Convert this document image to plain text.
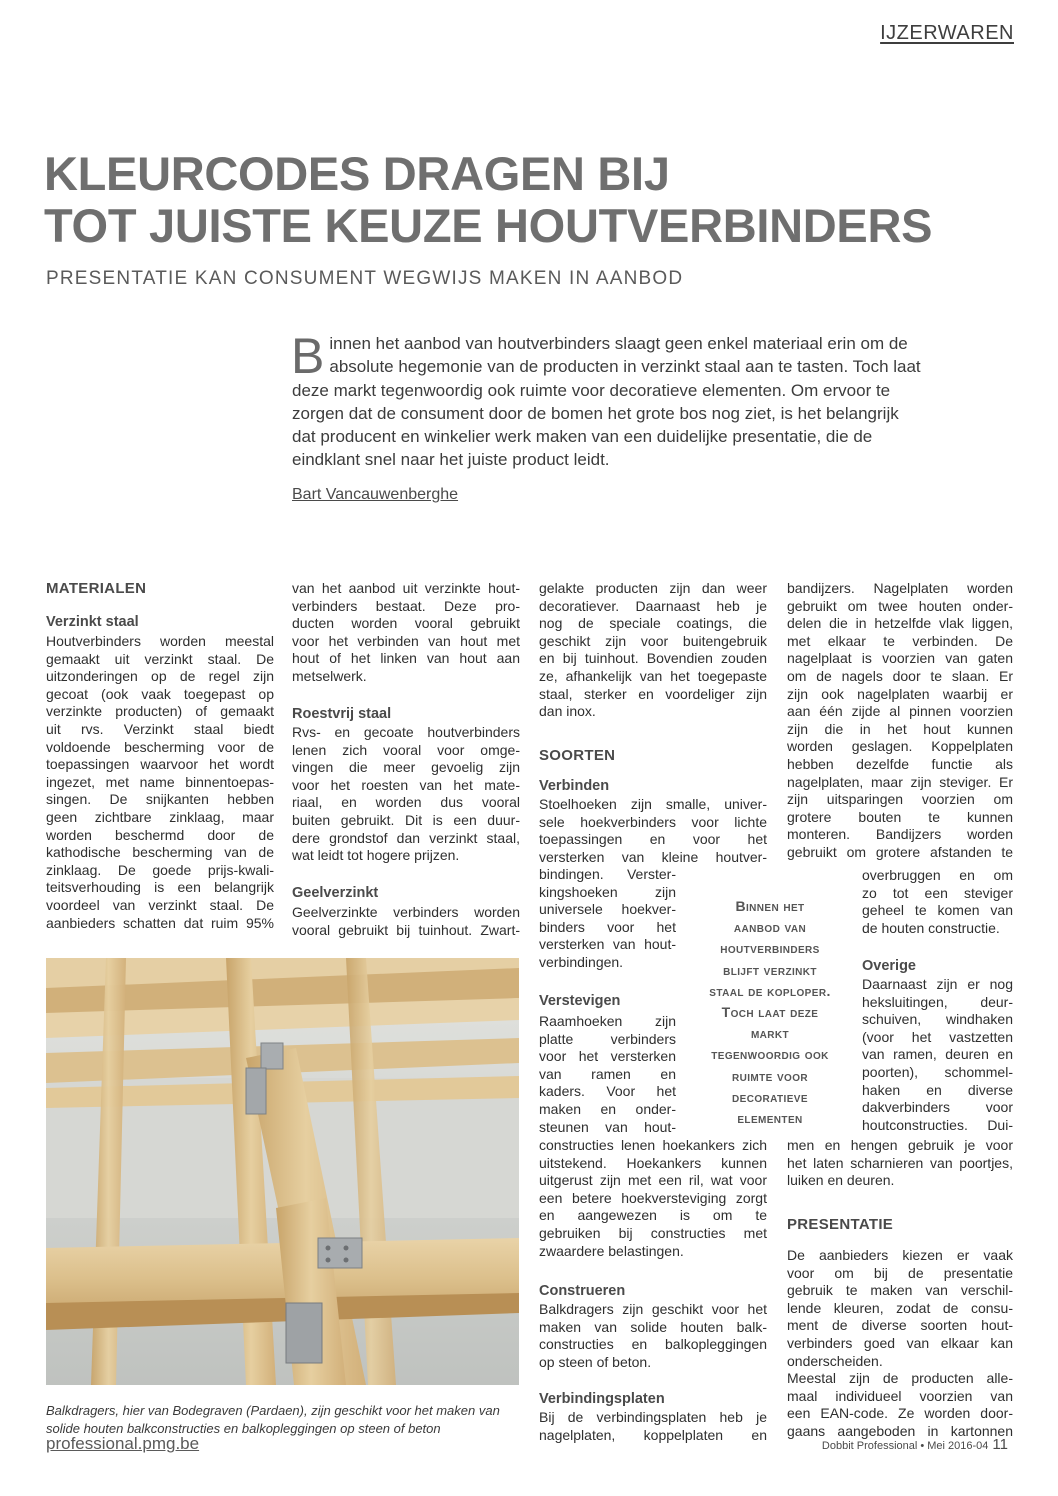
IJZERWAREN
KLEURCODES DRAGEN BIJ
TOT JUISTE KEUZE HOUTVERBINDERS
PRESENTATIE KAN CONSUMENT WEGWIJS MAKEN IN AANBOD
B innen het aanbod van houtverbinders slaagt geen enkel materiaal erin om de
absolute hegemonie van de producten in verzinkt staal aan te tasten. Toch laat
deze markt tegenwoordig ook ruimte voor decoratieve elementen. Om ervoor te
zorgen dat de consument door de bomen het grote bos nog ziet, is het belangrijk
dat producent en winkelier werk maken van een duidelijke presentatie, die de
eindklant snel naar het juiste product leidt.
Bart Vancauwenberghe
MATERIALEN
Verzinkt staal
Houtverbinders worden meestal
gemaakt uit verzinkt staal. De
uitzonderingen op de regel zijn
gecoat (ook vaak toegepast op
verzinkte producten) of gemaakt
uit rvs. Verzinkt staal biedt
voldoende bescherming voor de
toepassingen waarvoor het wordt
ingezet, met name binnentoepas-
singen. De snijkanten hebben
geen zichtbare zinklaag, maar
worden beschermd door de
kathodische bescherming van de
zinklaag. De goede prijs-kwali-
teitsverhouding is een belangrijk
voordeel van verzinkt staal. De
aanbieders schatten dat ruim 95%
van het aanbod uit verzinkte hout-
verbinders bestaat. Deze pro-
ducten worden vooral gebruikt
voor het verbinden van hout met
hout of het linken van hout aan
metselwerk.
Roestvrij staal
Rvs- en gecoate houtverbinders
lenen zich vooral voor omge-
vingen die meer gevoelig zijn
voor het roesten van het mate-
riaal, en worden dus vooral
buiten gebruikt. Dit is een duur-
dere grondstof dan verzinkt staal,
wat leidt tot hogere prijzen.
Geelverzinkt
Geelverzinkte verbinders worden
vooral gebruikt bij tuinhout. Zwart-
gelakte producten zijn dan weer
decoratiever. Daarnaast heb je
nog de speciale coatings, die
geschikt zijn voor buitengebruik
en bij tuinhout. Bovendien zouden
ze, afhankelijk van het toegepaste
staal, sterker en voordeliger zijn
dan inox.
SOORTEN
Verbinden
Stoelhoeken zijn smalle, univer-
sele hoekverbinders voor lichte
toepassingen en voor het
versterken van kleine houtver-
bindingen. Verster-
kingshoeken zijn
universele hoekver-
binders voor het
versterken van hout-
verbindingen.
Verstevigen
Raamhoeken zijn
platte verbinders
voor het versterken
van ramen en
kaders. Voor het
maken en onder-
steunen van hout-
constructies lenen hoekankers zich
uitstekend. Hoekankers kunnen
uitgerust zijn met een ril, wat voor
een betere hoekversteviging zorgt
en aangewezen is om te
gebruiken bij constructies met
zwaardere belastingen.
Construeren
Balkdragers zijn geschikt voor het
maken van solide houten balk-
constructies en balkopleggingen
op steen of beton.
Verbindingsplaten
Bij de verbindingsplaten heb je
nagelplaten, koppelplaten en
Binnen het
aanbod van
houtverbinders
blijft verzinkt
staal de koploper.
Toch laat deze
markt
tegenwoordig ook
ruimte voor
decoratieve
elementen
bandijzers. Nagelplaten worden
gebruikt om twee houten onder-
delen die in hetzelfde vlak liggen,
met elkaar te verbinden. De
nagelplaat is voorzien van gaten
om de nagels door te slaan. Er
zijn ook nagelplaten waarbij er
aan één zijde al pinnen voorzien
zijn die in het hout kunnen
worden geslagen. Koppelplaten
hebben dezelfde functie als
nagelplaten, maar zijn steviger. Er
zijn uitsparingen voorzien om
grotere bouten te kunnen
monteren. Bandijzers worden
gebruikt om grotere afstanden te
overbruggen en om
zo tot een steviger
geheel te komen van
de houten constructie.
Overige
Daarnaast zijn er nog
heksluitingen, deur-
schuiven, windhaken
(voor het vastzetten
van ramen, deuren en
poorten), schommel-
haken en diverse
dakverbinders voor
houtconstructies. Dui-
men en hengen gebruik je voor
het laten scharnieren van poortjes,
luiken en deuren.
PRESENTATIE
De aanbieders kiezen er vaak
voor om bij de presentatie
gebruik te maken van verschil-
lende kleuren, zodat de consu-
ment de diverse soorten hout-
verbinders goed van elkaar kan
onderscheiden.
Meestal zijn de producten alle-
maal individueel voorzien van
een EAN-code. Ze worden door-
gaans aangeboden in kartonnen
Balkdragers, hier van Bodegraven (Pardaen), zijn geschikt voor het maken van
solide houten balkconstructies en balkopleggingen op steen of beton
professional.pmg.be	Dobbit Professional • Mei 2016-04 11
